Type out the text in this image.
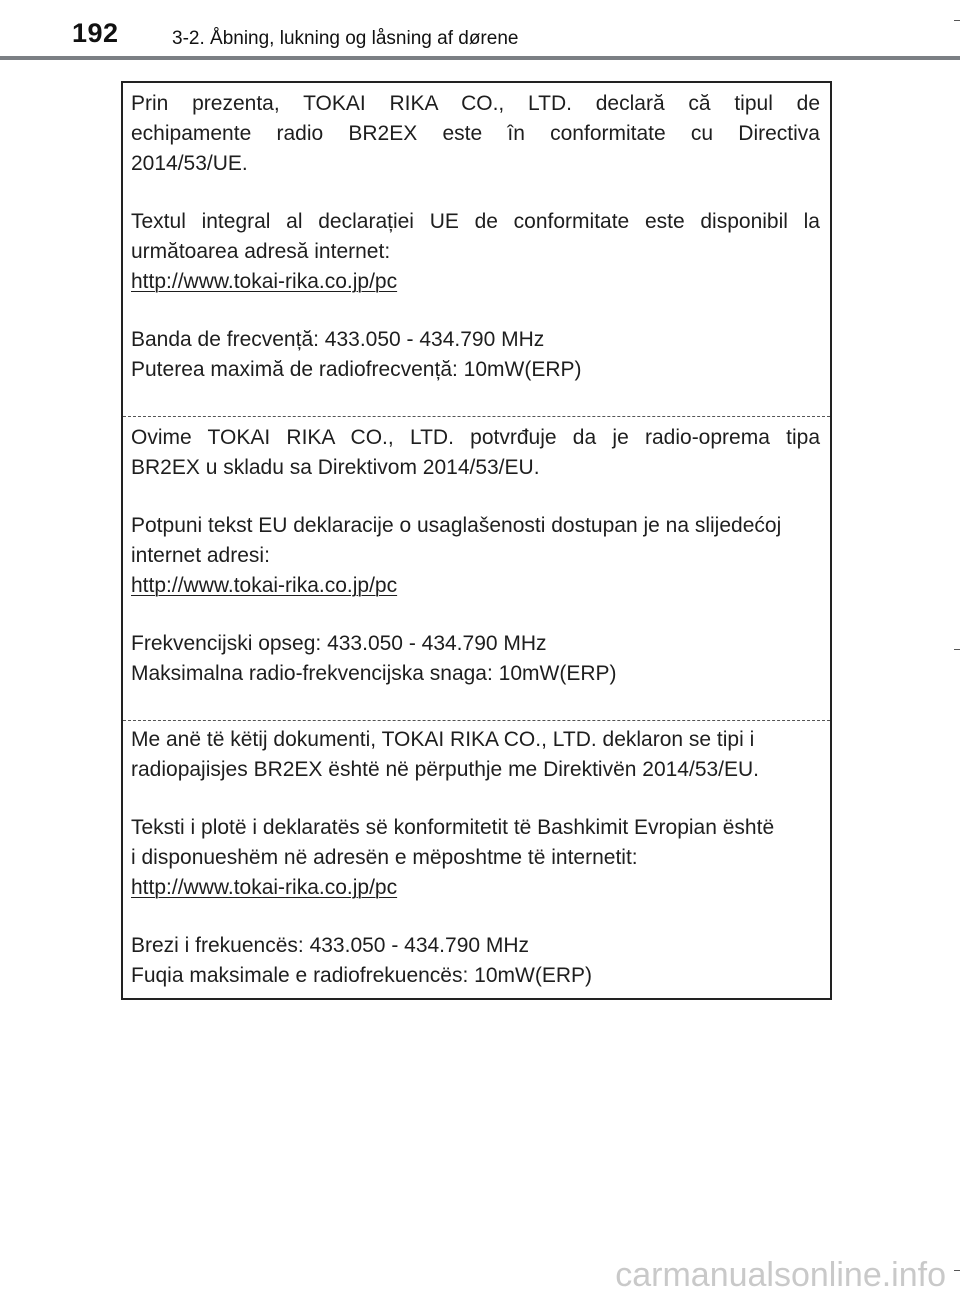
192	3-2. Åbning, lukning og låsning af dørene
Prin prezenta, TOKAI RIKA CO., LTD. declară că tipul de
echipamente radio BR2EX este în conformitate cu Directiva
2014/53/UE.
Textul integral al declarației UE de conformitate este disponibil la
următoarea adresă internet:
http://www.tokai-rika.co.jp/pc
Banda de frecvență: 433.050 - 434.790 MHz
Puterea maximă de radiofrecvență: 10mW(ERP)
Ovime TOKAI RIKA CO., LTD. potvrđuje da je radio-oprema tipa
BR2EX u skladu sa Direktivom 2014/53/EU.
Potpuni tekst EU deklaracije o usaglašenosti dostupan je na slijedećoj
internet adresi:
http://www.tokai-rika.co.jp/pc
Frekvencijski opseg: 433.050 - 434.790 MHz
Maksimalna radio-frekvencijska snaga: 10mW(ERP)
Me anë të këtij dokumenti, TOKAI RIKA CO., LTD. deklaron se tipi i
radiopajisjes BR2EX është në përputhje me Direktivën 2014/53/EU.
Teksti i plotë i deklaratës së konformitetit të Bashkimit Evropian është
i disponueshëm në adresën e mëposhtme të internetit:
http://www.tokai-rika.co.jp/pc
Brezi i frekuencës: 433.050 - 434.790 MHz
Fuqia maksimale e radiofrekuencës: 10mW(ERP)
carmanualsonline.info
